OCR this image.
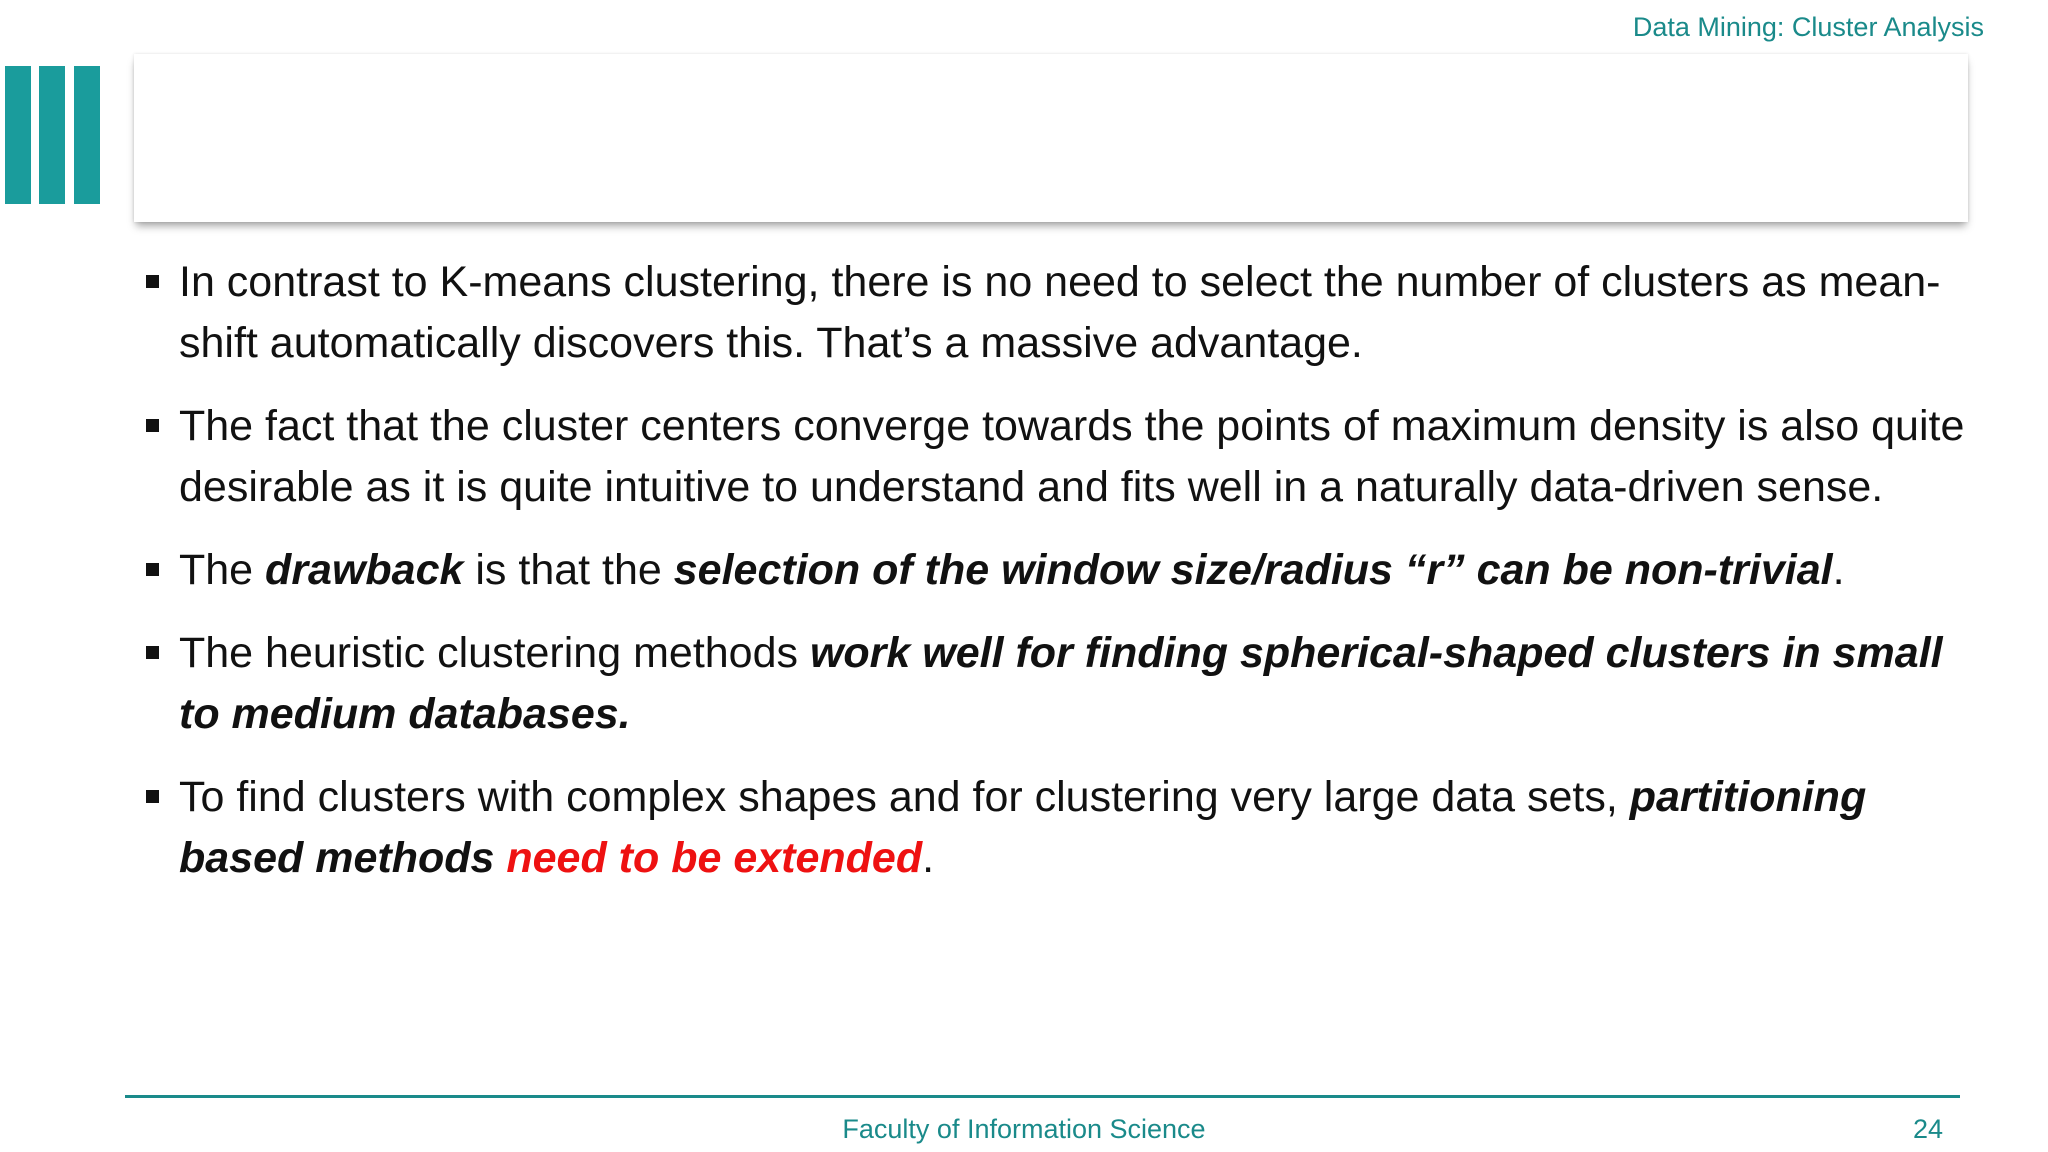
Data Mining: Cluster Analysis
In contrast to K-means clustering, there is no need to select the number of clusters as mean-shift automatically discovers this. That’s a massive advantage.
The fact that the cluster centers converge towards the points of maximum density is also quite desirable as it is quite intuitive to understand and fits well in a naturally data-driven sense.
The drawback is that the selection of the window size/radius “r” can be non-trivial.
The heuristic clustering methods work well for finding spherical-shaped clusters in small to medium databases.
To find clusters with complex shapes and for clustering very large data sets, partitioning based methods need to be extended.
Faculty of Information Science	24
